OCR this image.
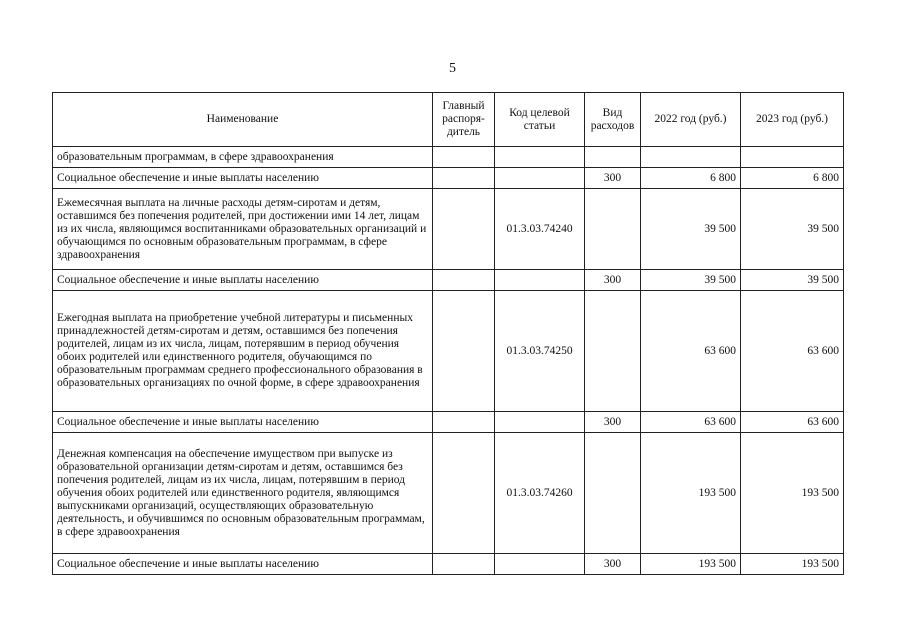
5
Наименование	Главный распоря-дитель	Код целевой статьи	Вид расходов	2022 год (руб.)	2023 год (руб.)
образовательным программам, в сфере здравоохранения					
Социальное обеспечение и иные выплаты населению			300	6 800	6 800
Ежемесячная выплата на личные расходы детям-сиротам и детям, оставшимся без попечения родителей, при достижении ими 14 лет, лицам из их числа, являющимся воспитанниками образовательных организаций и обучающимся по основным образовательным программам, в сфере здравоохранения		01.3.03.74240		39 500	39 500
Социальное обеспечение и иные выплаты населению			300	39 500	39 500
Ежегодная выплата на приобретение учебной литературы и письменных принадлежностей детям-сиротам и детям, оставшимся без попечения родителей, лицам из их числа, лицам, потерявшим в период обучения обоих родителей или единственного родителя, обучающимся по образовательным программам среднего профессионального образования в образовательных организациях по очной форме, в сфере здравоохранения		01.3.03.74250		63 600	63 600
Социальное обеспечение и иные выплаты населению			300	63 600	63 600
Денежная компенсация на обеспечение имуществом при выпуске из образовательной организации детям-сиротам и детям, оставшимся без попечения родителей, лицам из их числа, лицам, потерявшим в период обучения обоих родителей или единственного родителя, являющимся выпускниками организаций, осуществляющих образовательную деятельность, и обучившимся по основным образовательным программам, в сфере здравоохранения		01.3.03.74260		193 500	193 500
Социальное обеспечение и иные выплаты населению			300	193 500	193 500
